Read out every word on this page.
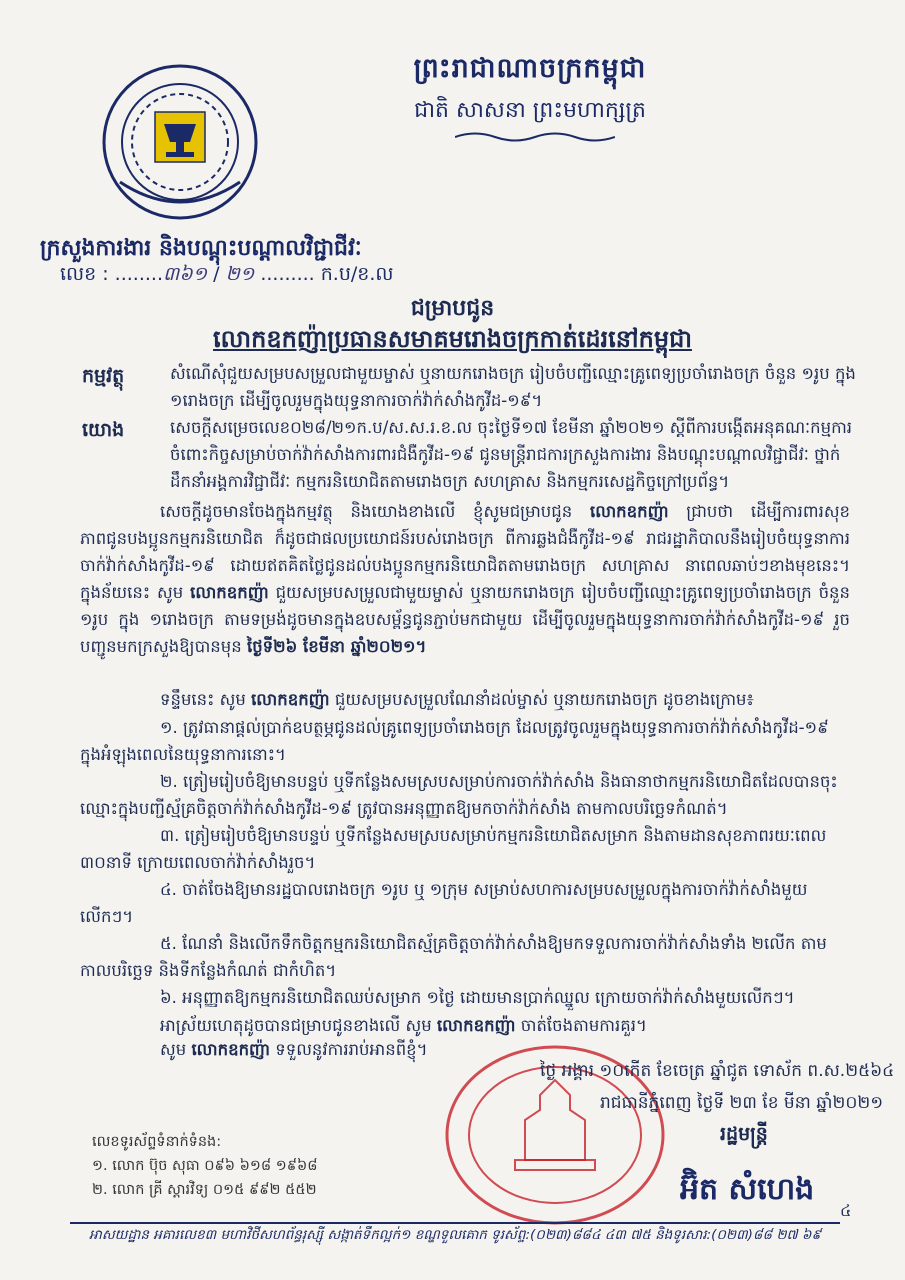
ព្រះរាជាណាចក្រកម្ពុជា
ជាតិ សាសនា ព្រះមហាក្សត្រ
ក្រសួងការងារ និងបណ្តុះបណ្តាលវិជ្ជាជីវៈ
លេខ : ........៣៦១ / ២១ ......... ក.ប/ខ.ល
ជម្រាបជូន
លោកឧកញ៉ាប្រធានសមាគមរោងចក្រកាត់ដេរនៅកម្ពុជា
កម្មវត្ថុ	សំណើសុំជួយសម្របសម្រួលជាមួយម្ចាស់ ឬនាយករោងចក្រ រៀបចំបញ្ជីឈ្មោះគ្រូពេទ្យប្រចាំរោងចក្រ ចំនួន ១រូប ក្នុង ១រោងចក្រ ដើម្បីចូលរួមក្នុងយុទ្ធនាការចាក់វ៉ាក់សាំងកូវីដ-១៩។
យោង	សេចក្តីសម្រេចលេខ០២៨/២១ក.ប/ស.ស.រ.ខ.ល ចុះថ្ងៃទី១៧ ខែមីនា ឆ្នាំ២០២១ ស្តីពីការបង្កើតអនុគណៈកម្មការចំពោះកិច្ចសម្រាប់ចាក់វ៉ាក់សាំងការពារជំងឺកូវីដ-១៩ ជូនមន្ត្រីរាជការក្រសួងការងារ និងបណ្តុះបណ្តាលវិជ្ជាជីវៈ ថ្នាក់ដឹកនាំអង្គការវិជ្ជាជីវៈ កម្មករនិយោជិតតាមរោងចក្រ សហគ្រាស និងកម្មករសេដ្ឋកិច្ចក្រៅប្រព័ន្ធ។
សេចក្តីដូចមានចែងក្នុងកម្មវត្ថុ និងយោងខាងលើ ខ្ញុំសូមជម្រាបជូន លោកឧកញ៉ា ជ្រាបថា ដើម្បីការពារសុខភាពជូនបងប្អូនកម្មករនិយោជិត ក៏ដូចជាផលប្រយោជន៍របស់រោងចក្រ ពីការឆ្លងជំងឺកូវីដ-១៩ រាជរដ្ឋាភិបាលនឹងរៀបចំយុទ្ធនាការចាក់វ៉ាក់សាំងកូវីដ-១៩ ដោយឥតគិតថ្លៃជូនដល់បងប្អូនកម្មករនិយោជិតតាមរោងចក្រ សហគ្រាស នាពេលឆាប់ៗខាងមុខនេះ។ ក្នុងន័យនេះ សូម លោកឧកញ៉ា ជួយសម្របសម្រួលជាមួយម្ចាស់ ឬនាយករោងចក្រ រៀបចំបញ្ជីឈ្មោះគ្រូពេទ្យប្រចាំរោងចក្រ ចំនួន ១រូប ក្នុង ១រោងចក្រ តាមទម្រង់ដូចមានក្នុងឧបសម្ព័ន្ធជូនភ្ជាប់មកជាមួយ ដើម្បីចូលរួមក្នុងយុទ្ធនាការចាក់វ៉ាក់សាំងកូវីដ-១៩ រួចបញ្ជូនមកក្រសួងឱ្យបានមុន ថ្ងៃទី២៦ ខែមីនា ឆ្នាំ២០២១។
ទន្ទឹមនេះ សូម លោកឧកញ៉ា ជួយសម្របសម្រួលណែនាំដល់ម្ចាស់ ឬនាយករោងចក្រ ដូចខាងក្រោម៖
១. ត្រូវធានាផ្តល់ប្រាក់ឧបត្ថម្ភជូនដល់គ្រូពេទ្យប្រចាំរោងចក្រ ដែលត្រូវចូលរួមក្នុងយុទ្ធនាការចាក់វ៉ាក់សាំងកូវីដ-១៩ ក្នុងអំឡុងពេលនៃយុទ្ធនាការនោះ។
២. ត្រៀមរៀបចំឱ្យមានបន្ទប់ ឬទីកន្លែងសមស្របសម្រាប់ការចាក់វ៉ាក់សាំង និងធានាថាកម្មករនិយោជិតដែលបានចុះឈ្មោះក្នុងបញ្ជីស្ម័គ្រចិត្តចាក់វ៉ាក់សាំងកូវីដ-១៩ ត្រូវបានអនុញ្ញាតឱ្យមកចាក់វ៉ាក់សាំង តាមកាលបរិច្ឆេទកំណត់។
៣. ត្រៀមរៀបចំឱ្យមានបន្ទប់ ឬទីកន្លែងសមស្របសម្រាប់កម្មករនិយោជិតសម្រាក និងតាមដានសុខភាពរយៈពេល ៣០នាទី ក្រោយពេលចាក់វ៉ាក់សាំងរួច។
៤. ចាត់ចែងឱ្យមានរដ្ឋបាលរោងចក្រ ១រូប ឬ ១ក្រុម សម្រាប់សហការសម្របសម្រួលក្នុងការចាក់វ៉ាក់សាំងមួយលើកៗ។
៥. ណែនាំ និងលើកទឹកចិត្តកម្មករនិយោជិតស្ម័គ្រចិត្តចាក់វ៉ាក់សាំងឱ្យមកទទួលការចាក់វ៉ាក់សាំងទាំង ២លើក តាមកាលបរិច្ឆេទ និងទីកន្លែងកំណត់ ជាកំហិត។
៦. អនុញ្ញាតឱ្យកម្មករនិយោជិតឈប់សម្រាក ១ថ្ងៃ ដោយមានប្រាក់ឈ្នួល ក្រោយចាក់វ៉ាក់សាំងមួយលើកៗ។
អាស្រ័យហេតុដូចបានជម្រាបជូនខាងលើ សូម លោកឧកញ៉ា ចាត់ចែងតាមការគួរ។
សូម លោកឧកញ៉ា ទទួលនូវការរាប់អានពីខ្ញុំ។
ថ្ងៃ អង្គារ ១០កើត ខែចេត្រ ឆ្នាំជូត ទោស័ក ព.ស.២៥៦៤
រាជធានីភ្នំពេញ ថ្ងៃទី ២៣ ខែ មីនា ឆ្នាំ២០២១
រដ្ឋមន្ត្រី
អ៊ិត សំហេង
លេខទូរស័ព្ទទំនាក់ទំនង:
១. លោក ប៊ុច សុធា ០៩៦ ៦១៨ ១៩៦៨
២. លោក គ្រី ស្តារវិទ្យ ០១៥ ៩៩២ ៥៥២
៤
អាសយដ្ឋាន អគារលេខ៣ មហាវិថីសហព័ន្ធរុស្ស៊ី សង្កាត់ទឹកល្អក់១ ខណ្ឌទួលគោក ទូរស័ព្ទ:(០២៣)៨៨៤ ៤៣ ៧៥ និងទូរសារ:(០២៣)៨៨ ២៧ ៦៩
